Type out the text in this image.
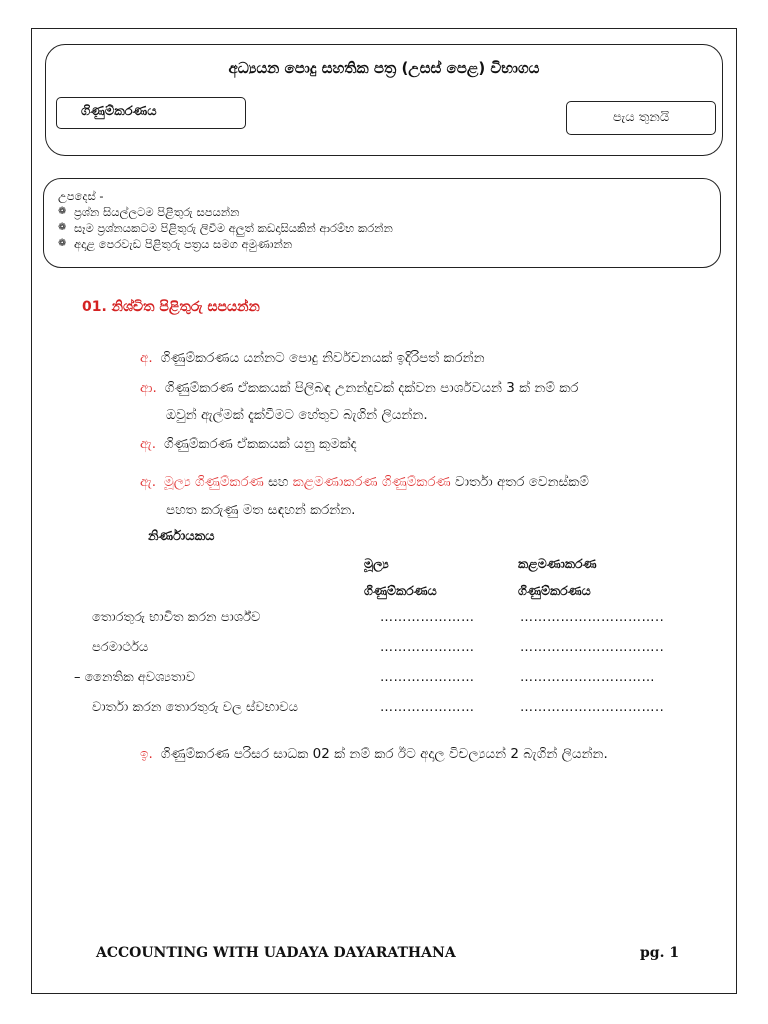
අධ්‍යයන පොදු සහතික පත්‍ර (උසස් පෙළ) විභාගය
ගිණුම්කරණය	පැය තුනයි
උපදෙස් -
❁ ප්‍රශ්න සියල්ලටම පිළිතුරු සපයන්න
❁ සෑම ප්‍රශ්නයකටම පිළිතුරු ලිවීම අලුත් කඩදාසියකින් ආරම්භ කරන්න
❁ අදාළ පෙරවැඩ පිළිතුරු පත්‍රය සමග අමුණාන්න
01. නිශ්චිත පිළිතුරු සපයන්න
අ. ගිණුම්කරණය යන්නට පොදු නිර්වචනයක් ඉදිරිපත් කරන්න
ආ. ගිණුම්කරණ ඒකකයක් පිලිබඳ උනන්දුවක් දක්වන පාර්ශවයන් 3 ක් නම් කර
ඔවුන් ඇල්මක් දැක්වීමට හේතුව බැගින් ලියන්න.
ඇ. ගිණුම්කරණ ඒකකයක් යනු කුමක්ද
ඇ. මූල්‍ය ගිණුම්කරණ සහ කළමණාකරණ ගිණුම්කරණ වාර්තා අතර වෙනස්කම්
පහත කරුණු මත සඳහන් කරන්න.
නිර්ණායකය
මූල්‍ය
ගිණුම්කරණය
කළමණාකරණ
ගිණුම්කරණය
තොරතුරු භාවිත කරන පාර්ශ්ව	…………………	…………………………..
පරමාර්ථය	…………………	…………………………..
– නෛතික අවශ්‍යතාව	…………………	…………………………
වාර්තා කරන තොරතුරු වල ස්වභාවය	…………………	…………………………..
ඉ. ගිණුම්කරණ පරිසර සාධක 02 ක් නම් කර ඊට අදාල විචල්‍යයන් 2 බැගින් ලියන්න.
ACCOUNTING WITH UADAYA DAYARATHANA	pg. 1
